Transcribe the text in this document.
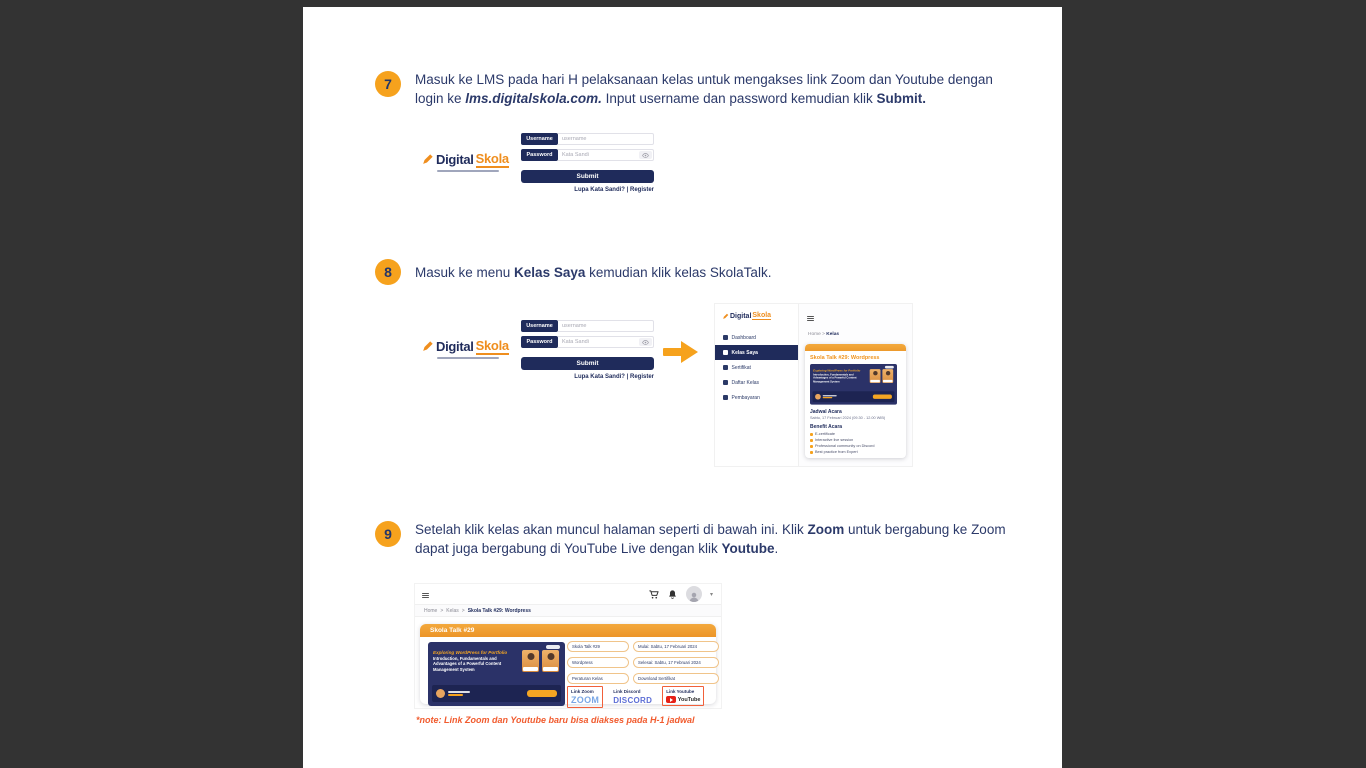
7 Masuk ke LMS pada hari H pelaksanaan kelas untuk mengakses link Zoom dan Youtube dengan login ke lms.digitalskola.com. Input username dan password kemudian klik Submit.
Digital Skola
Username
username
Password
Kata Sandi
Submit
Lupa Kata Sandi? | Register
8 Masuk ke menu Kelas Saya kemudian klik kelas SkolaTalk.
Digital Skola
Username
username
Password
Kata Sandi
Submit
Lupa Kata Sandi? | Register
Digital Skola
Dashboard
Kelas Saya
Sertifikat
Daftar Kelas
Pembayaran
Home > Kelas
Skola Talk #29: Wordpress
Exploring WordPress for Portfolio
Introduction, Fundamentals and Advantages of a Powerful Content Management System
Jadwal Acara
Sabtu, 17 Februari 2024 (09.30 - 12.00 WIB)
Benefit Acara
E-certificate
Interactive live session
Professional community on Discord
Best practice from Expert
9 Setelah klik kelas akan muncul halaman seperti di bawah ini. Klik Zoom untuk bergabung ke Zoom dapat juga bergabung di YouTube Live dengan klik Youtube.
▾
Home > Kelas > Skola Talk #29: Wordpress
Skola Talk #29
Exploring WordPress for Portfolio
Introduction, Fundamentals and Advantages of a Powerful Content Management System
Skola Talk #29	Mulai: Sabtu, 17 Februari 2024
Wordpress	Selesai: Sabtu, 17 Februari 2024
Peraturan Kelas	Download Sertifikat
Link Zoom
ZOOM
Link Discord
DISCORD
Link Youtube
YouTube
*note: Link Zoom dan Youtube baru bisa diakses pada H-1 jadwal
